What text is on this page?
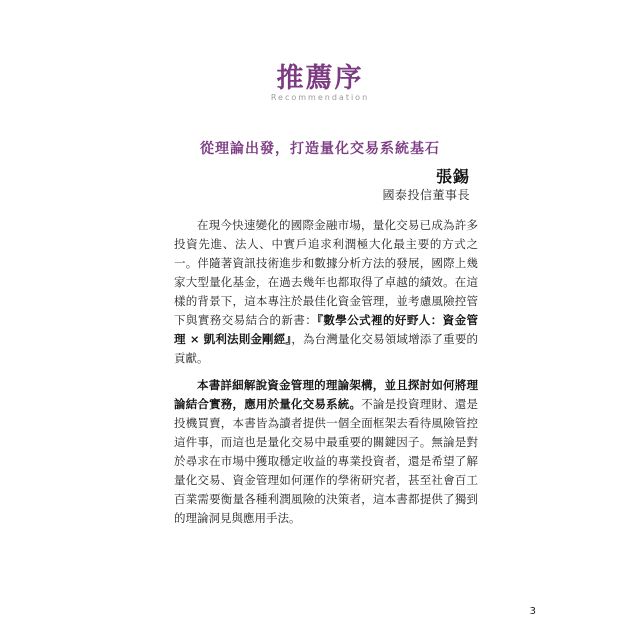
推薦序
Recommendation
從理論出發，打造量化交易系統基石
張錫
國泰投信董事長

在現今快速變化的國際金融市場，量化交易已成為許多投資先進、法人、中實戶追求利潤極大化最主要的方式之一。伴隨著資訊技術進步和數據分析方法的發展，國際上幾家大型量化基金，在過去幾年也都取得了卓越的績效。在這樣的背景下，這本專注於最佳化資金管理，並考慮風險控管下與實務交易結合的新書：『數學公式裡的好野人：資金管理 × 凱利法則金剛經』，為台灣量化交易領域增添了重要的貢獻。

本書詳細解說資金管理的理論架構，並且探討如何將理論結合實務，應用於量化交易系統。不論是投資理財、還是投機買賣，本書皆為讀者提供一個全面框架去看待風險管控這件事，而這也是量化交易中最重要的關鍵因子。無論是對於尋求在市場中獲取穩定收益的專業投資者，還是希望了解量化交易、資金管理如何運作的學術研究者，甚至社會百工百業需要衡量各種利潤風險的決策者，這本書都提供了獨到的理論洞見與應用手法。

3
